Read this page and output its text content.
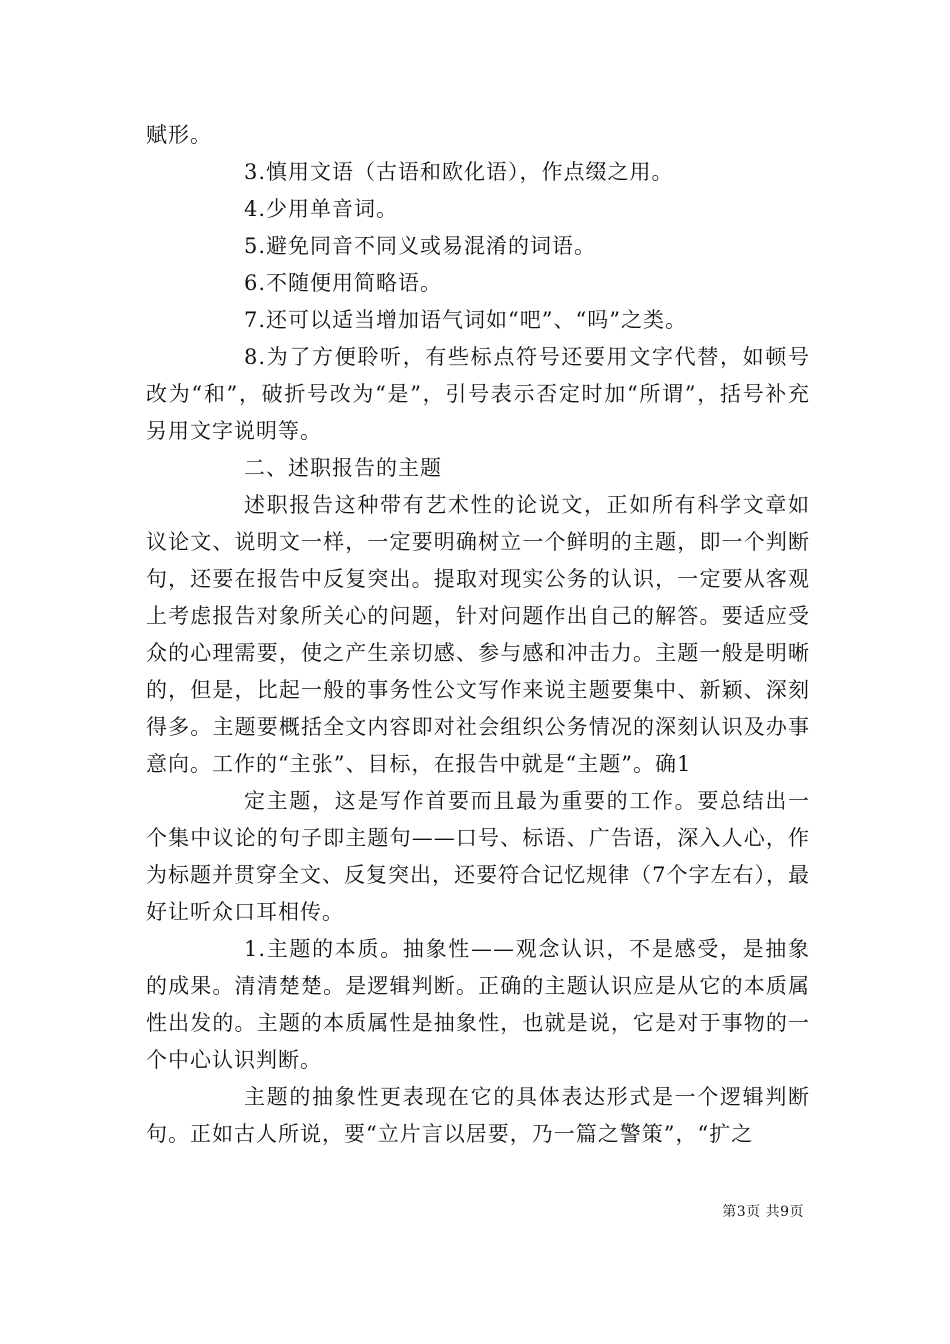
赋形。

3.慎用文语（古语和欧化语），作点缀之用。

4.少用单音词。

5.避免同音不同义或易混淆的词语。

6.不随便用简略语。

7.还可以适当增加语气词如“吧”、“吗”之类。

8.为了方便聆听，有些标点符号还要用文字代替，如顿号改为“和”，破折号改为“是”，引号表示否定时加“所谓”，括号补充另用文字说明等。

二、述职报告的主题

述职报告这种带有艺术性的论说文，正如所有科学文章如议论文、说明文一样，一定要明确树立一个鲜明的主题，即一个判断句，还要在报告中反复突出。提取对现实公务的认识，一定要从客观上考虑报告对象所关心的问题，针对问题作出自己的解答。要适应受众的心理需要，使之产生亲切感、参与感和冲击力。主题一般是明晰的，但是，比起一般的事务性公文写作来说主题要集中、新颖、深刻得多。主题要概括全文内容即对社会组织公务情况的深刻认识及办事意向。工作的“主张”、目标，在报告中就是“主题”。确1

定主题，这是写作首要而且最为重要的工作。要总结出一个集中议论的句子即主题句——口号、标语、广告语，深入人心，作为标题并贯穿全文、反复突出，还要符合记忆规律（7个字左右），最好让听众口耳相传。

1.主题的本质。抽象性——观念认识，不是感受，是抽象的成果。清清楚楚。是逻辑判断。正确的主题认识应是从它的本质属性出发的。主题的本质属性是抽象性，也就是说，它是对于事物的一个中心认识判断。

主题的抽象性更表现在它的具体表达形式是一个逻辑判断句。正如古人所说，要“立片言以居要，乃一篇之警策”，“扩之

第3页 共9页
